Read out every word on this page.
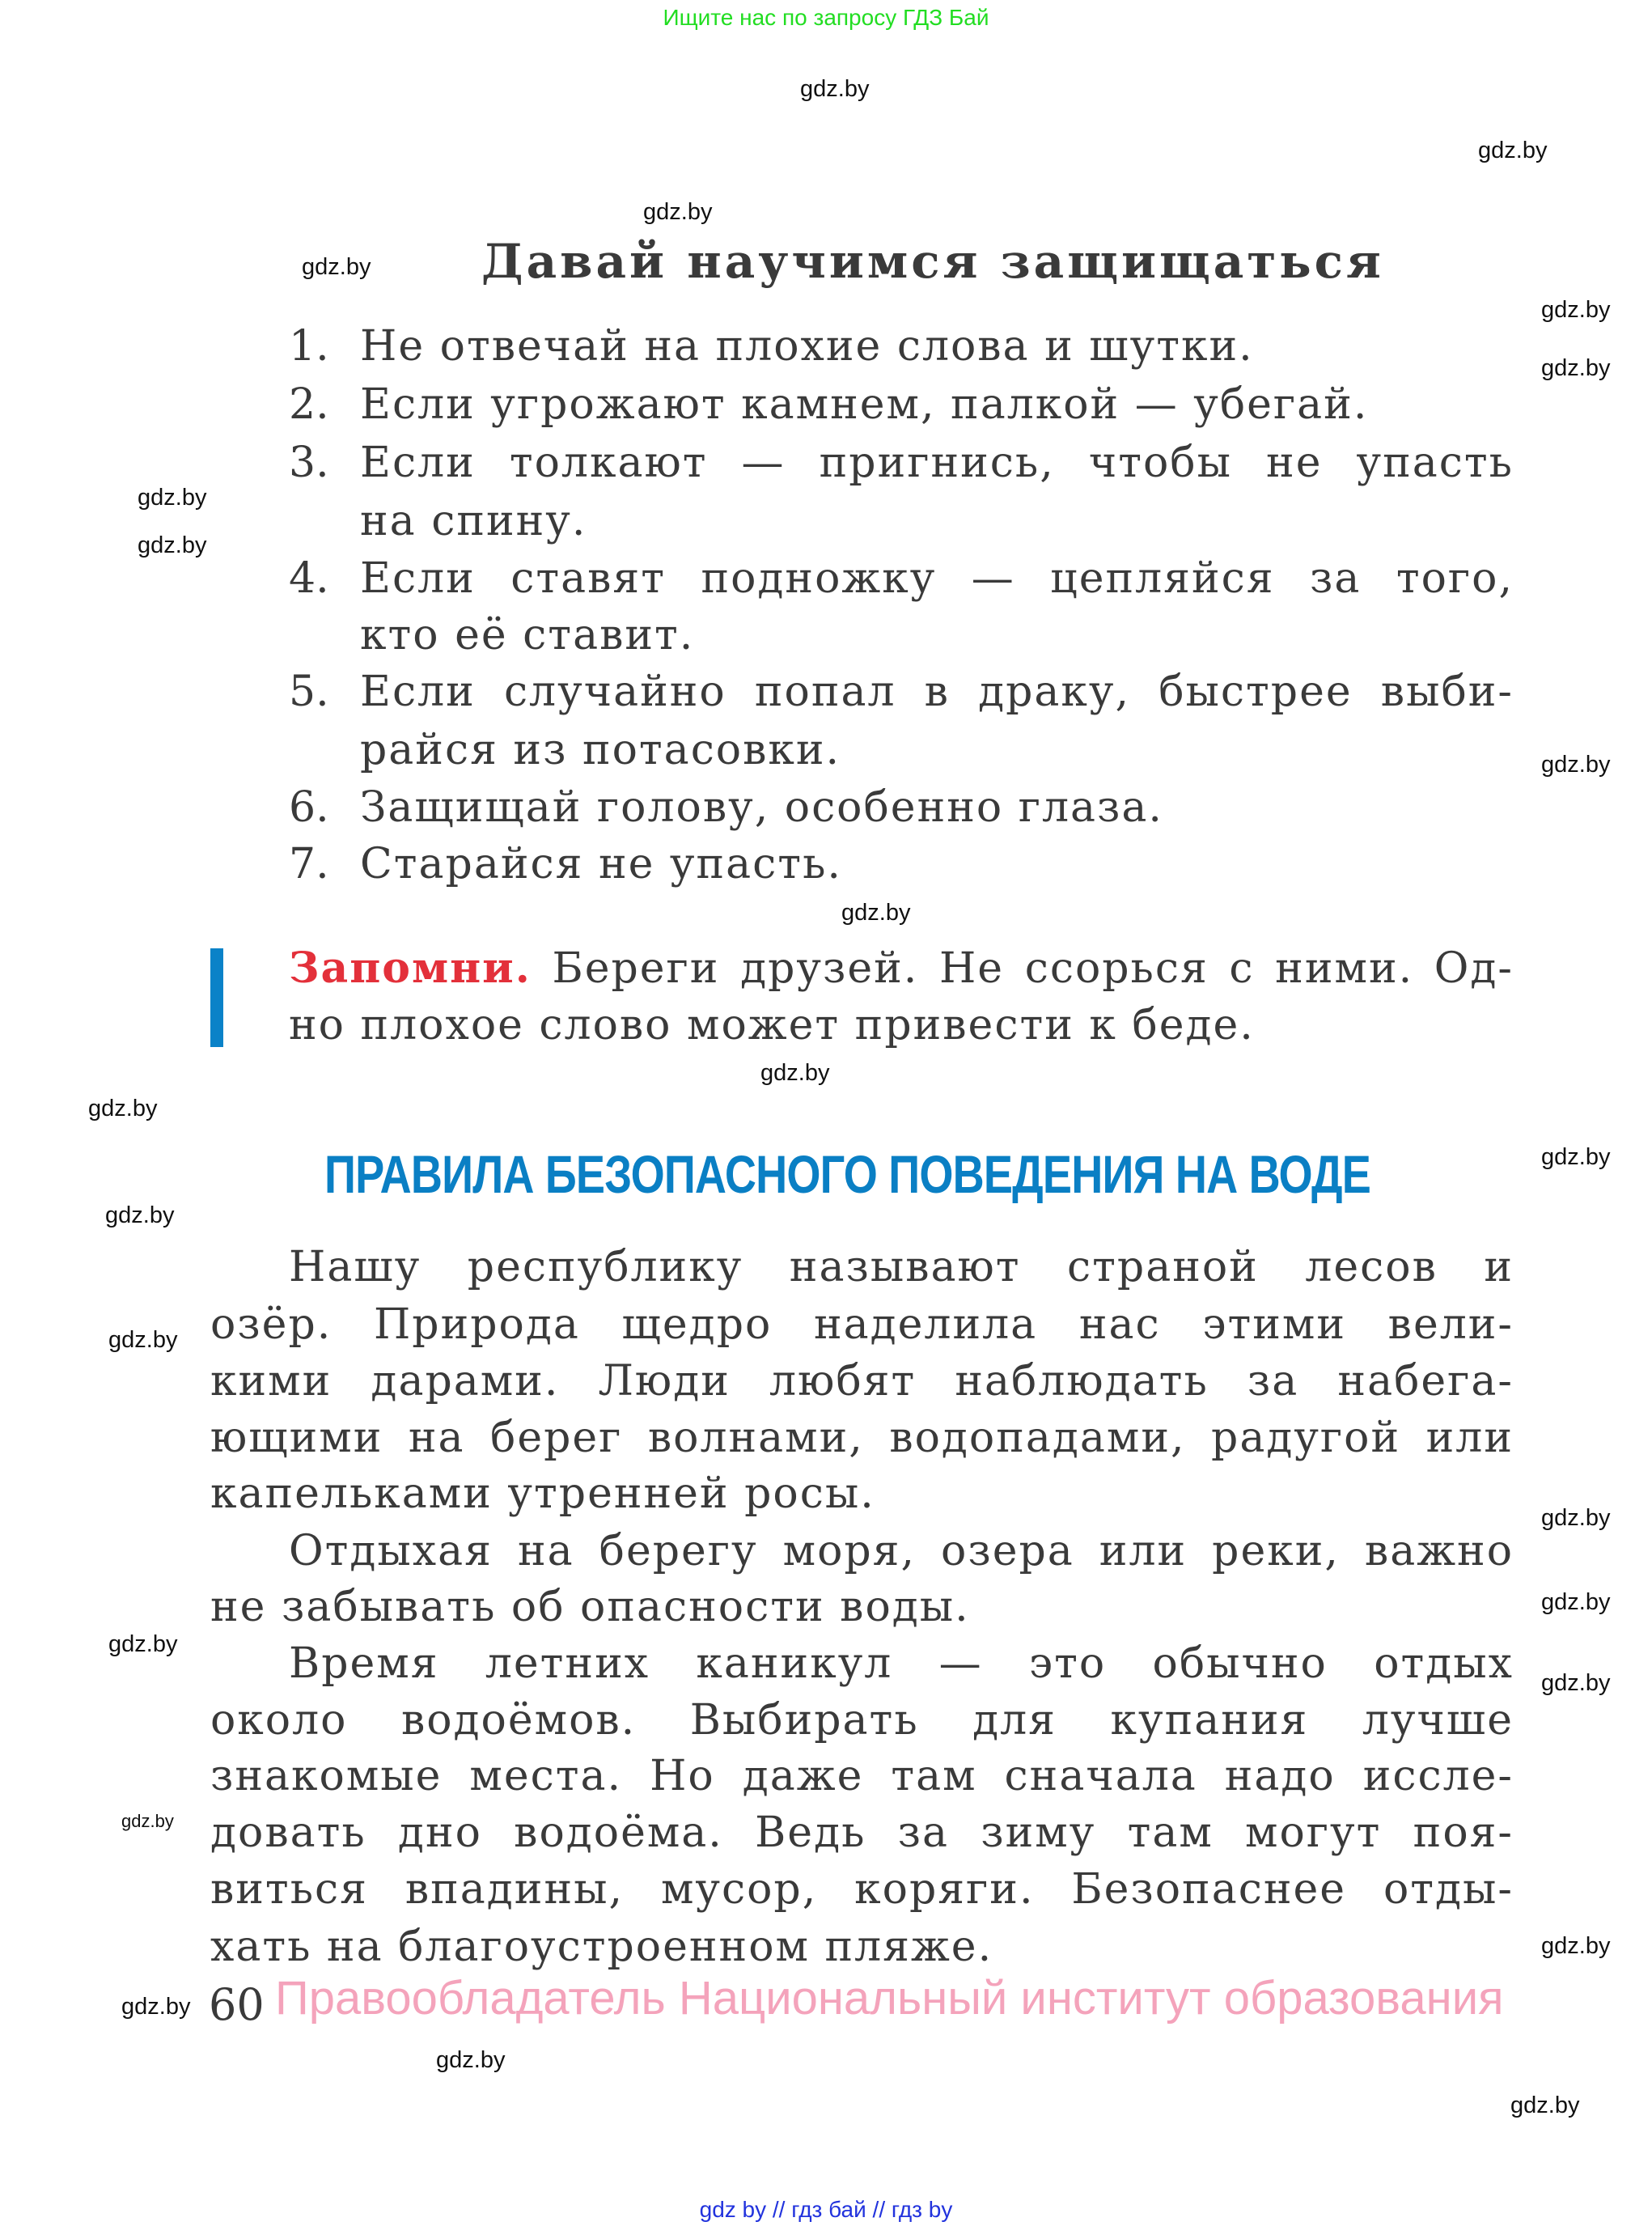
Ищите нас по запросу ГДЗ Бай
gdz.by
gdz.by
gdz.by
gdz.by
gdz.by
gdz.by
gdz.by
gdz.by
gdz.by
gdz.by
gdz.by
gdz.by
gdz.by
gdz.by
gdz.by
gdz.by
gdz.by
gdz.by
gdz.by
gdz.by
gdz.by
gdz.by
gdz.by
gdz.by
Давай научимся защищаться
1. Не отвечай на плохие слова и шутки.
2. Если угрожают камнем, палкой — убегай.
3. Если толкают — пригнись, чтобы не упасть
на спину.
4. Если ставят подножку — цепляйся за того,
кто её ставит.
5. Если случайно попал в драку, быстрее выби-
райся из потасовки.
6. Защищай голову, особенно глаза.
7. Старайся не упасть.
Запомни. Береги друзей. Не ссорься с ними. Од-
но плохое слово может привести к беде.
ПРАВИЛА БЕЗОПАСНОГО ПОВЕДЕНИЯ НА ВОДЕ
Нашу республику называют страной лесов и
озёр. Природа щедро наделила нас этими вели-
кими дарами. Люди любят наблюдать за набега-
ющими на берег волнами, водопадами, радугой или
капельками утренней росы.
Отдыхая на берегу моря, озера или реки, важно
не забывать об опасности воды.
Время летних каникул — это обычно отдых
около водоёмов. Выбирать для купания лучше
знакомые места. Но даже там сначала надо иссле-
довать дно водоёма. Ведь за зиму там могут поя-
виться впадины, мусор, коряги. Безопаснее отды-
хать на благоустроенном пляже.
60 Правообладатель Национальный институт образования
gdz by // гдз бай // гдз by
